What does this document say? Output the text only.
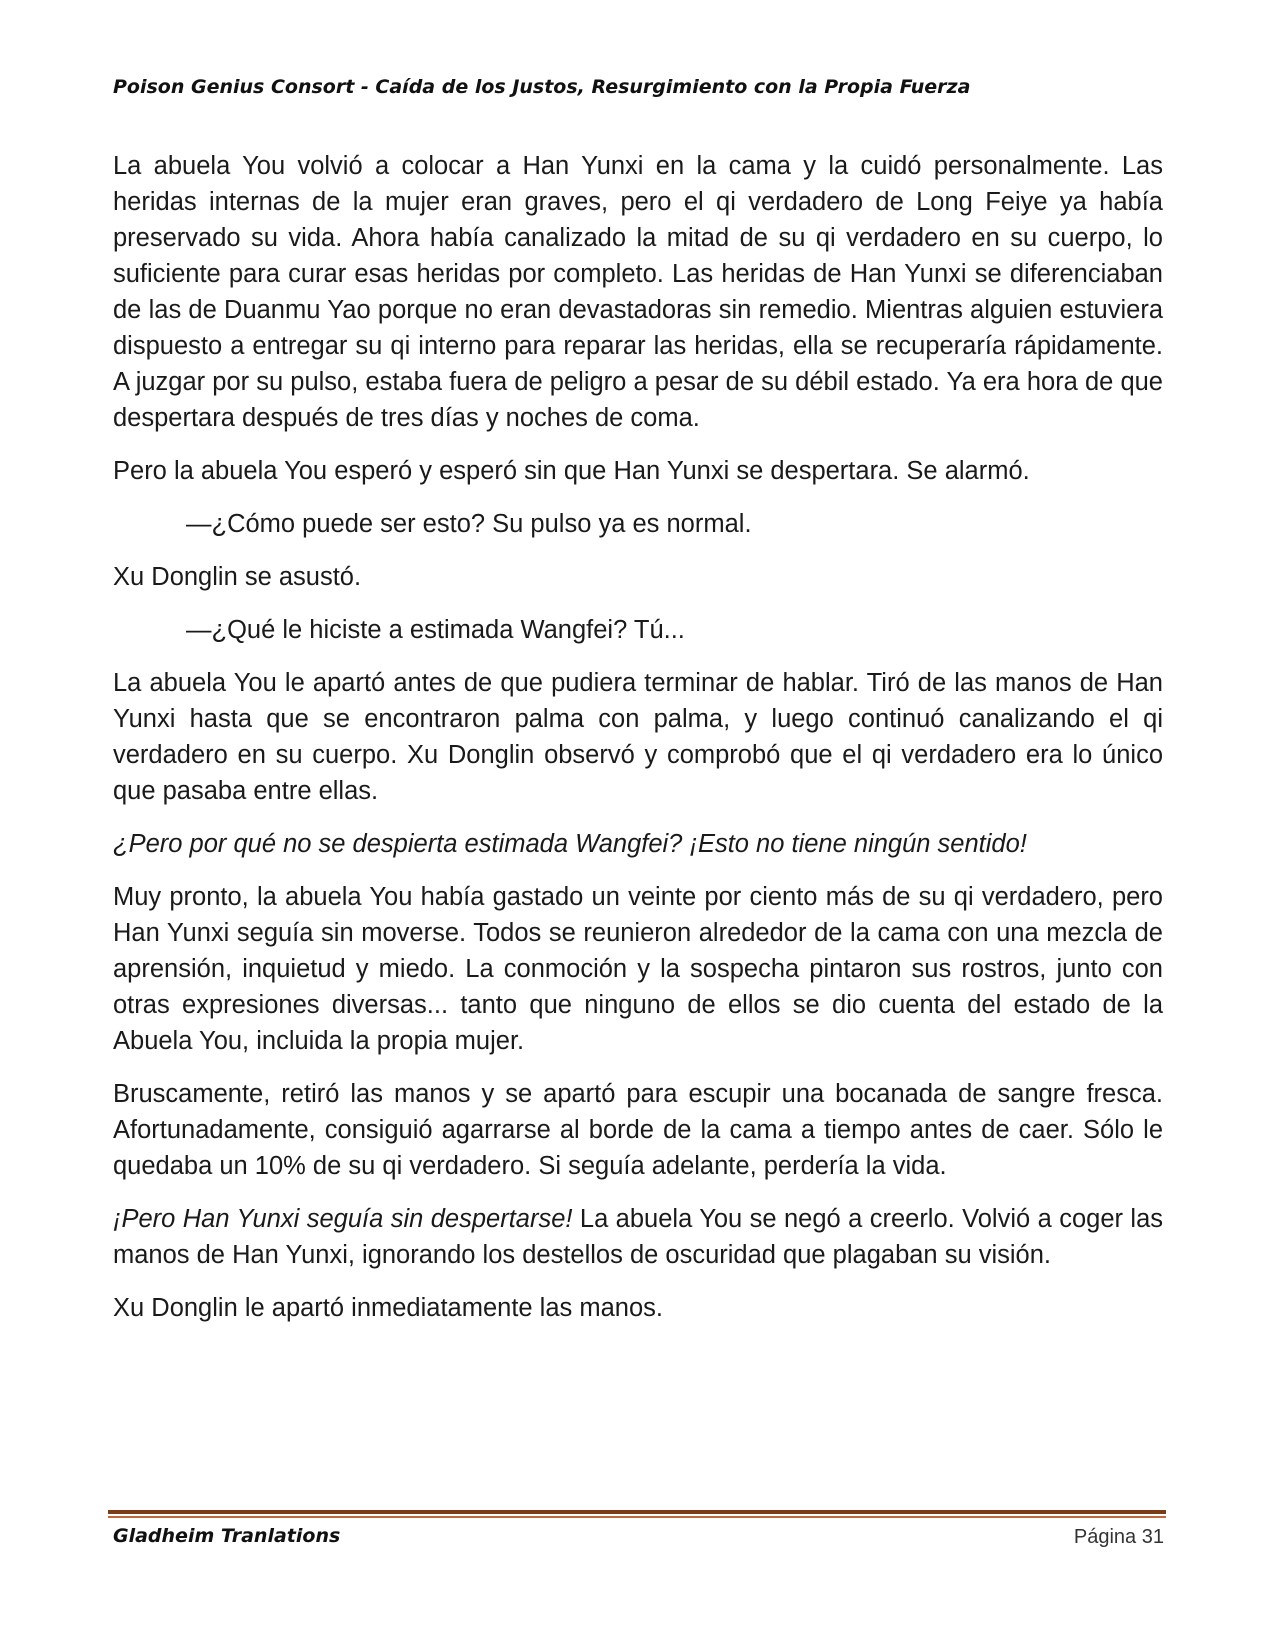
Poison Genius Consort - Caída de los Justos, Resurgimiento con la Propia Fuerza

La abuela You volvió a colocar a Han Yunxi en la cama y la cuidó personalmente. Las heridas internas de la mujer eran graves, pero el qi verdadero de Long Feiye ya había preservado su vida. Ahora había canalizado la mitad de su qi verdadero en su cuerpo, lo suficiente para curar esas heridas por completo. Las heridas de Han Yunxi se diferenciaban de las de Duanmu Yao porque no eran devastadoras sin remedio. Mientras alguien estuviera dispuesto a entregar su qi interno para reparar las heridas, ella se recuperaría rápidamente. A juzgar por su pulso, estaba fuera de peligro a pesar de su débil estado. Ya era hora de que despertara después de tres días y noches de coma.

Pero la abuela You esperó y esperó sin que Han Yunxi se despertara. Se alarmó.

—¿Cómo puede ser esto? Su pulso ya es normal.

Xu Donglin se asustó.

—¿Qué le hiciste a estimada Wangfei? Tú...

La abuela You le apartó antes de que pudiera terminar de hablar. Tiró de las manos de Han Yunxi hasta que se encontraron palma con palma, y luego continuó canalizando el qi verdadero en su cuerpo. Xu Donglin observó y comprobó que el qi verdadero era lo único que pasaba entre ellas.

¿Pero por qué no se despierta estimada Wangfei? ¡Esto no tiene ningún sentido!

Muy pronto, la abuela You había gastado un veinte por ciento más de su qi verdadero, pero Han Yunxi seguía sin moverse. Todos se reunieron alrededor de la cama con una mezcla de aprensión, inquietud y miedo. La conmoción y la sospecha pintaron sus rostros, junto con otras expresiones diversas... tanto que ninguno de ellos se dio cuenta del estado de la Abuela You, incluida la propia mujer.

Bruscamente, retiró las manos y se apartó para escupir una bocanada de sangre fresca. Afortunadamente, consiguió agarrarse al borde de la cama a tiempo antes de caer. Sólo le quedaba un 10% de su qi verdadero. Si seguía adelante, perdería la vida.

¡Pero Han Yunxi seguía sin despertarse! La abuela You se negó a creerlo. Volvió a coger las manos de Han Yunxi, ignorando los destellos de oscuridad que plagaban su visión.

Xu Donglin le apartó inmediatamente las manos.

Gladheim Tranlations	Página 31
